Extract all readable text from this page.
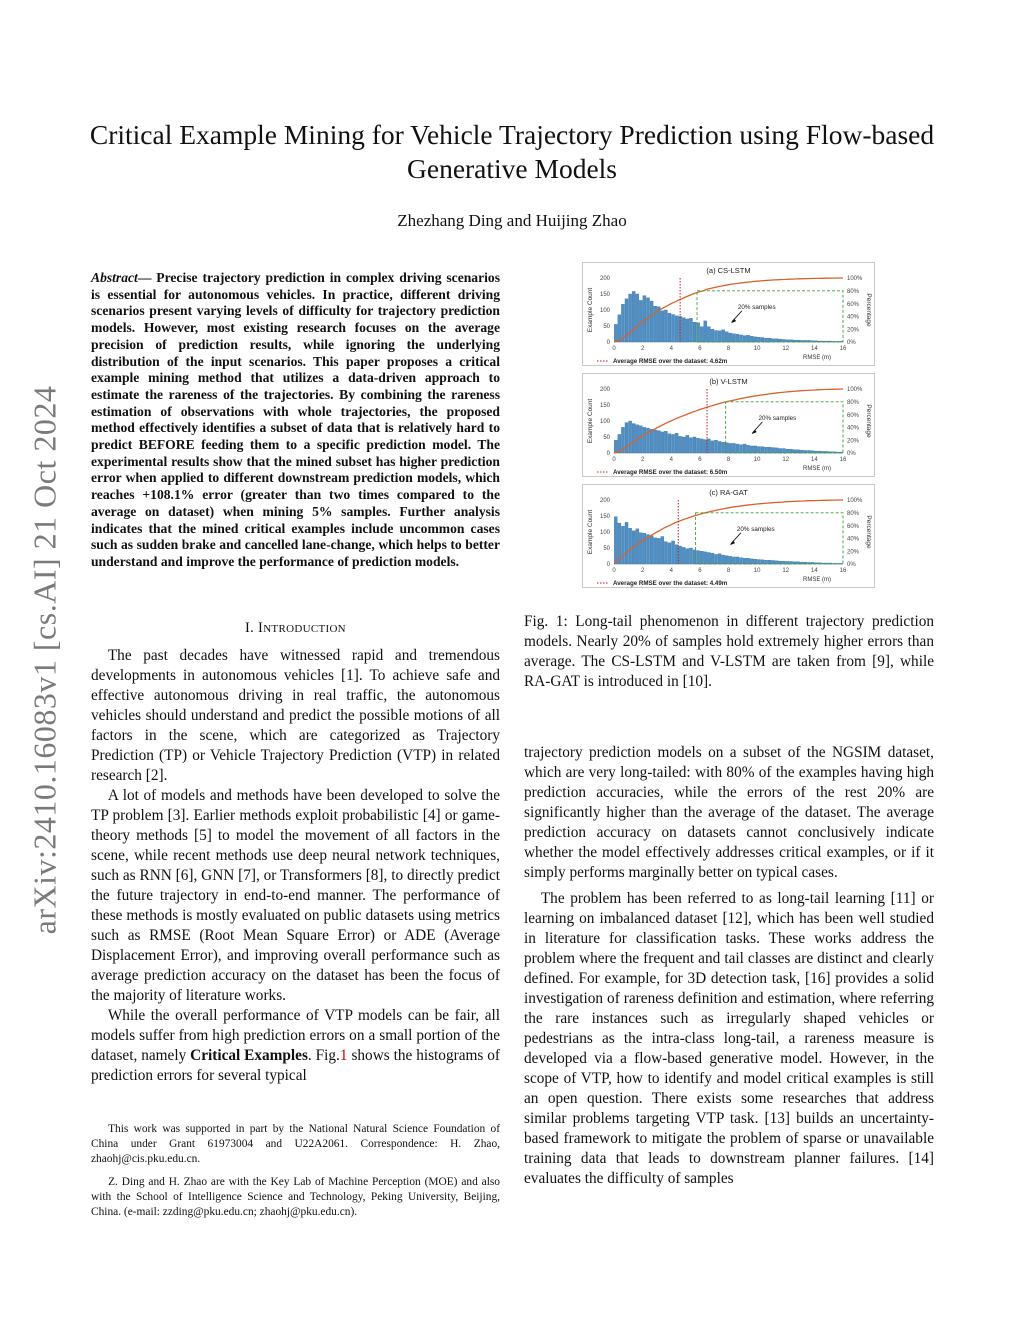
arXiv:2410.16083v1 [cs.AI] 21 Oct 2024
Critical Example Mining for Vehicle Trajectory Prediction using Flow-based
Generative Models
Zhezhang Ding and Huijing Zhao
Abstract— Precise trajectory prediction in complex driving scenarios is essential for autonomous vehicles. In practice, different driving scenarios present varying levels of difficulty for trajectory prediction models. However, most existing research focuses on the average precision of prediction results, while ignoring the underlying distribution of the input scenarios. This paper proposes a critical example mining method that utilizes a data-driven approach to estimate the rareness of the trajectories. By combining the rareness estimation of observations with whole trajectories, the proposed method effectively identifies a subset of data that is relatively hard to predict BEFORE feeding them to a specific prediction model. The experimental results show that the mined subset has higher prediction error when applied to different downstream prediction models, which reaches +108.1% error (greater than two times compared to the average on dataset) when mining 5% samples. Further analysis indicates that the mined critical examples include uncommon cases such as sudden brake and cancelled lane-change, which helps to better understand and improve the performance of prediction models.
I. INTRODUCTION

The past decades have witnessed rapid and tremendous developments in autonomous vehicles [1]. To achieve safe and effective autonomous driving in real traffic, the autonomous vehicles should understand and predict the possible motions of all factors in the scene, which are categorized as Trajectory Prediction (TP) or Vehicle Trajectory Prediction (VTP) in related research [2].

A lot of models and methods have been developed to solve the TP problem [3]. Earlier methods exploit probabilistic [4] or game-theory methods [5] to model the movement of all factors in the scene, while recent methods use deep neural network techniques, such as RNN [6], GNN [7], or Transformers [8], to directly predict the future trajectory in end-to-end manner. The performance of these methods is mostly evaluated on public datasets using metrics such as RMSE (Root Mean Square Error) or ADE (Average Displacement Error), and improving overall performance such as average prediction accuracy on the dataset has been the focus of the majority of literature works.

While the overall performance of VTP models can be fair, all models suffer from high prediction errors on a small portion of the dataset, namely Critical Examples. Fig.1 shows the histograms of prediction errors for several typical

This work was supported in part by the National Natural Science Foundation of China under Grant 61973004 and U22A2061. Correspondence: H. Zhao, zhaohj@cis.pku.edu.cn.

Z. Ding and H. Zhao are with the Key Lab of Machine Perception (MOE) and also with the School of Intelligence Science and Technology, Peking University, Beijing, China. (e-mail: zzding@pku.edu.cn; zhaohj@pku.edu.cn).

(a) CS-LSTM
0
50
100
150
200
0%
20%
40%
60%
80%
100%
0	2	4	6	8	10	12	14	16
Example Count	Percentage
RMSE (m)
20% samples
Average RMSE over the dataset: 4.62m
(b) V-LSTM
0
50
100
150
200
0%
20%
40%
60%
80%
100%
0	2	4	6	8	10	12	14	16
Example Count	Percentage
RMSE (m)
20% samples
Average RMSE over the dataset: 6.50m
(c) RA-GAT
0
50
100
150
200
0%
20%
40%
60%
80%
100%
0	2	4	6	8	10	12	14	16
Example Count	Percentage
RMSE (m)
20% samples
Average RMSE over the dataset: 4.49m
Fig. 1: Long-tail phenomenon in different trajectory prediction models. Nearly 20% of samples hold extremely higher errors than average. The CS-LSTM and V-LSTM are taken from [9], while RA-GAT is introduced in [10].

trajectory prediction models on a subset of the NGSIM dataset, which are very long-tailed: with 80% of the examples having high prediction accuracies, while the errors of the rest 20% are significantly higher than the average of the dataset. The average prediction accuracy on datasets cannot conclusively indicate whether the model effectively addresses critical examples, or if it simply performs marginally better on typical cases.

The problem has been referred to as long-tail learning [11] or learning on imbalanced dataset [12], which has been well studied in literature for classification tasks. These works address the problem where the frequent and tail classes are distinct and clearly defined. For example, for 3D detection task, [16] provides a solid investigation of rareness definition and estimation, where referring the rare instances such as irregularly shaped vehicles or pedestrians as the intra-class long-tail, a rareness measure is developed via a flow-based generative model. However, in the scope of VTP, how to identify and model critical examples is still an open question. There exists some researches that address similar problems targeting VTP task. [13] builds an uncertainty-based framework to mitigate the problem of sparse or unavailable training data that leads to downstream planner failures. [14] evaluates the difficulty of samples
